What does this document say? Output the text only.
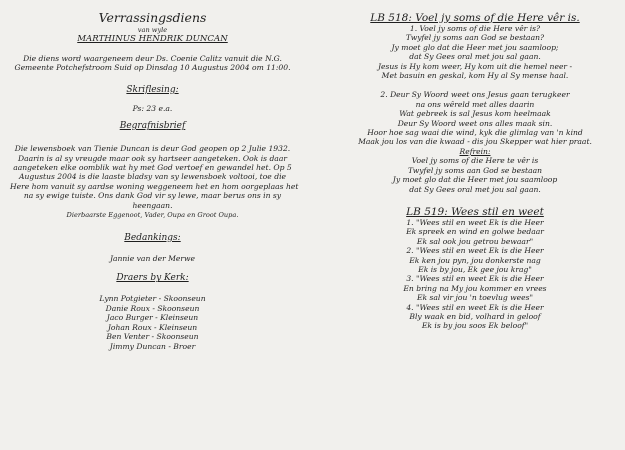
Verrassingsdiens
van wyle
MARTHINUS HENDRIK DUNCAN
Die diens word waargeneem deur Ds. Coenie Calitz vanuit die N.G.
Gemeente Potchefstroom Suid op Dinsdag 10 Augustus 2004 om 11:00.
Skriflesing:
Ps: 23 e.a.
Begrafnisbrief
Die lewensboek van Tienie Duncan is deur God geopen op 2 Julie 1932.
Daarin is al sy vreugde maar ook sy hartseer aangeteken. Ook is daar
aangeteken elke oomblik wat hy met God vertoef en gewandel het. Op 5
Augustus 2004 is die laaste bladsy van sy lewensboek voltooi, toe die
Here hom vanuit sy aardse woning weggeneem het en hom oorgeplaas het
na sy ewige tuiste. Ons dank God vir sy lewe, maar berus ons in sy
heengaan.
Dierbaarste Eggenoot, Vader, Oupa en Groot Oupa.
Bedankings:
Jannie van der Merwe
Draers by Kerk:
Lynn Potgieter - Skoonseun
Danie Roux - Skoonseun
Jaco Burger - Kleinseun
Johan Roux - Kleinseun
Ben Venter - Skoonseun
Jimmy Duncan - Broer
LB 518: Voel jy soms of die Here vêr is.
1. Voel jy soms of die Here vêr is?
Twyfel jy soms aan God se bestaan?
Jy moet glo dat die Heer met jou saamloop;
dat Sy Gees oral met jou sal gaan.
Jesus is Hy kom weer, Hy kom uit die hemel neer -
Met basuin en geskal, kom Hy al Sy mense haal.
2. Deur Sy Woord weet ons Jesus gaan terugkeer
na ons wêreld met alles daarin
Wat gebreek is sal Jesus kom heelmaak
Deur Sy Woord weet ons alles maak sin.
Hoor hoe sag waai die wind, kyk die glimlag van 'n kind
Maak jou los van die kwaad - dis jou Skepper wat hier praat.
Refrein:
Voel jy soms of die Here te vêr is
Twyfel jy soms aan God se bestaan
Jy moet glo dat die Heer met jou saamloop
dat Sy Gees oral met jou sal gaan.
LB 519: Wees stil en weet
1. "Wees stil en weet Ek is die Heer
Ek spreek en wind en golwe bedaar
Ek sal ook jou getrou bewaar"
2. "Wees stil en weet Ek is die Heer
Ek ken jou pyn, jou donkerste nag
Ek is by jou, Ek gee jou krag"
3. "Wees stil en weet Ek is die Heer
En bring na My jou kommer en vrees
Ek sal vir jou 'n toevlug wees"
4. "Wees stil en weet Ek is die Heer
Bly waak en bid, volhard in geloof
Ek is by jou soos Ek beloof"
